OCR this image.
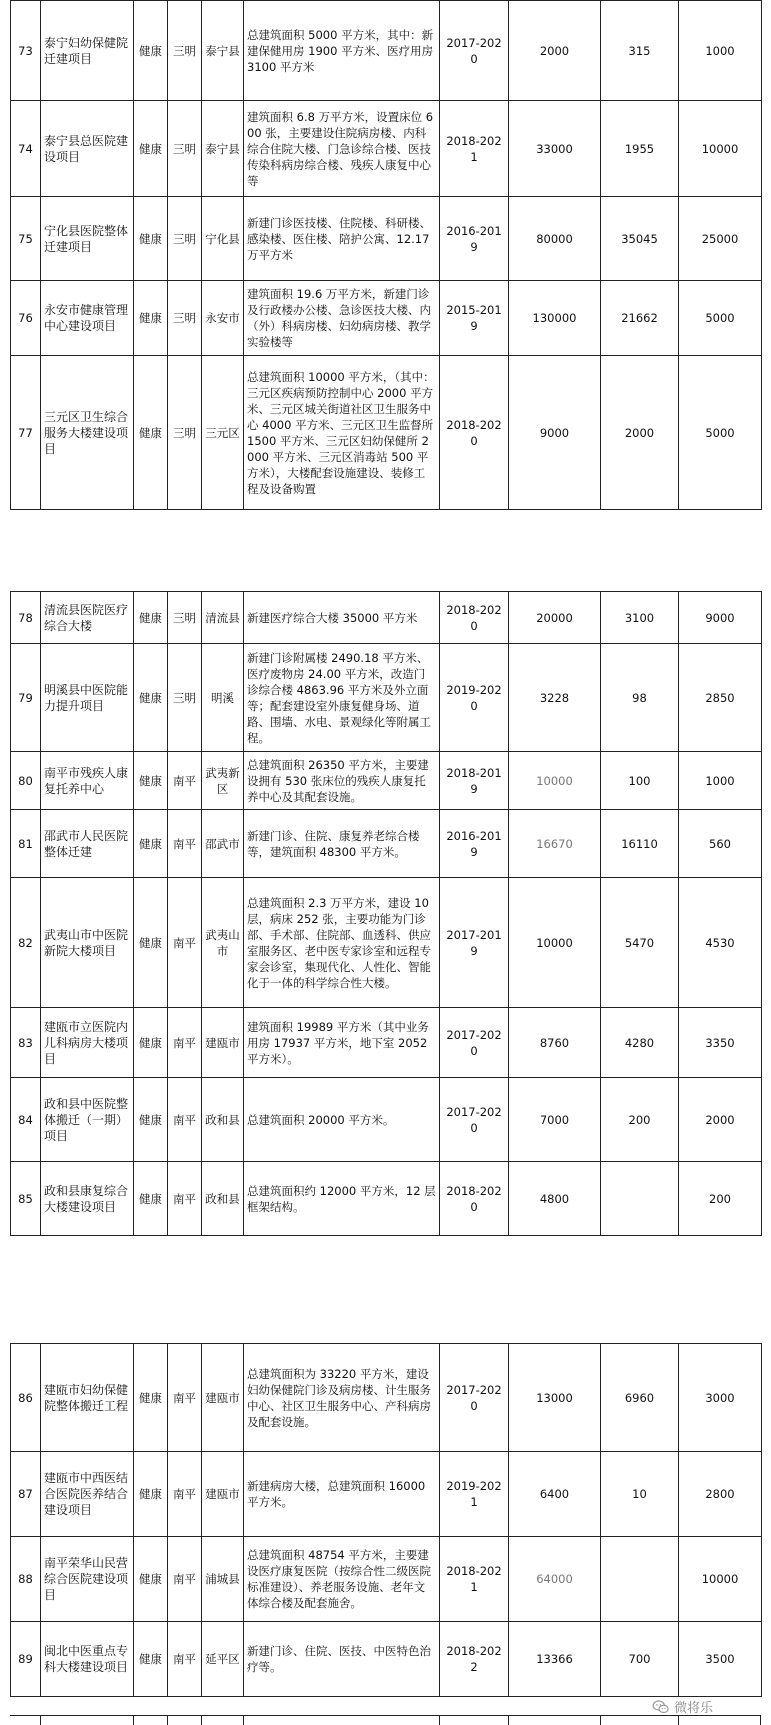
73	泰宁妇幼保健院迁建项目	健康	三明	泰宁县	总建筑面积 5000 平方米，其中：新建保健用房 1900 平方米、医疗用房 3100 平方米	2017-2020	2000	315	1000
74	泰宁县总医院建设项目	健康	三明	泰宁县	建筑面积 6.8 万平方米，设置床位 600 张，主要建设住院病房楼、内科综合住院大楼、门急诊综合楼、医技传染科病房综合楼、残疾人康复中心等	2018-2021	33000	1955	10000
75	宁化县医院整体迁建项目	健康	三明	宁化县	新建门诊医技楼、住院楼、科研楼、感染楼、医住楼、陪护公寓、12.17 万平方米	2016-2019	80000	35045	25000
76	永安市健康管理中心建设项目	健康	三明	永安市	建筑面积 19.6 万平方米，新建门诊及行政楼办公楼、急诊医技大楼、内（外）科病房楼、妇幼病房楼、教学实验楼等	2015-2019	130000	21662	5000
77	三元区卫生综合服务大楼建设项目	健康	三明	三元区	总建筑面积 10000 平方米，（其中：三元区疾病预防控制中心 2000 平方米、三元区城关街道社区卫生服务中心 4000 平方米、三元区卫生监督所 1500 平方米、三元区妇幼保健所 2000 平方米、三元区消毒站 500 平方米），大楼配套设施建设、装修工程及设备购置	2018-2020	9000	2000	5000
78	清流县医院医疗综合大楼	健康	三明	清流县	新建医疗综合大楼 35000 平方米	2018-2020	20000	3100	9000
79	明溪县中医院能力提升项目	健康	三明	明溪	新建门诊附属楼 2490.18 平方米、医疗废物房 24.00 平方米，改造门诊综合楼 4863.96 平方米及外立面等；配套建设室外康复健身场、道路、围墙、水电、景观绿化等附属工程。	2019-2020	3228	98	2850
80	南平市残疾人康复托养中心	健康	南平	武夷新区	总建筑面积 26350 平方米，主要建设拥有 530 张床位的残疾人康复托养中心及其配套设施。	2018-2019	10000	100	1000
81	邵武市人民医院整体迁建	健康	南平	邵武市	新建门诊、住院、康复养老综合楼等，建筑面积 48300 平方米。	2016-2019	16670	16110	560
82	武夷山市中医院新院大楼项目	健康	南平	武夷山市	总建筑面积 2.3 万平方米，建设 10 层，病床 252 张，主要功能为门诊部、手术部、住院部、血透科、供应室服务区、老中医专家诊室和远程专家会诊室，集现代化、人性化、智能化于一体的科学综合性大楼。	2017-2019	10000	5470	4530
83	建瓯市立医院内儿科病房大楼项目	健康	南平	建瓯市	建筑面积 19989 平方米（其中业务用房 17937 平方米，地下室 2052 平方米）。	2017-2020	8760	4280	3350
84	政和县中医院整体搬迁（一期）项目	健康	南平	政和县	总建筑面积 20000 平方米。	2017-2020	7000	200	2000
85	政和县康复综合大楼建设项目	健康	南平	政和县	总建筑面积约 12000 平方米，12 层框架结构。	2018-2020	4800		200
86	建瓯市妇幼保健院整体搬迁工程	健康	南平	建瓯市	总建筑面积为 33220 平方米，建设妇幼保健院门诊及病房楼、计生服务中心、社区卫生服务中心、产科病房及配套设施。	2017-2020	13000	6960	3000
87	建瓯市中西医结合医院医养结合建设项目	健康	南平	建瓯市	新建病房大楼，总建筑面积 16000 平方米。	2019-2021	6400	10	2800
88	南平荣华山民营综合医院建设项目	健康	南平	浦城县	总建筑面积 48754 平方米，主要建设医疗康复医院（按综合性二级医院标准建设）、养老服务设施、老年文体综合楼及配套施舍。	2018-2021	64000		10000
89	闽北中医重点专科大楼建设项目	健康	南平	延平区	新建门诊、住院、医技、中医特色治疗等。	2018-2022	13366	700	3500
微将乐
